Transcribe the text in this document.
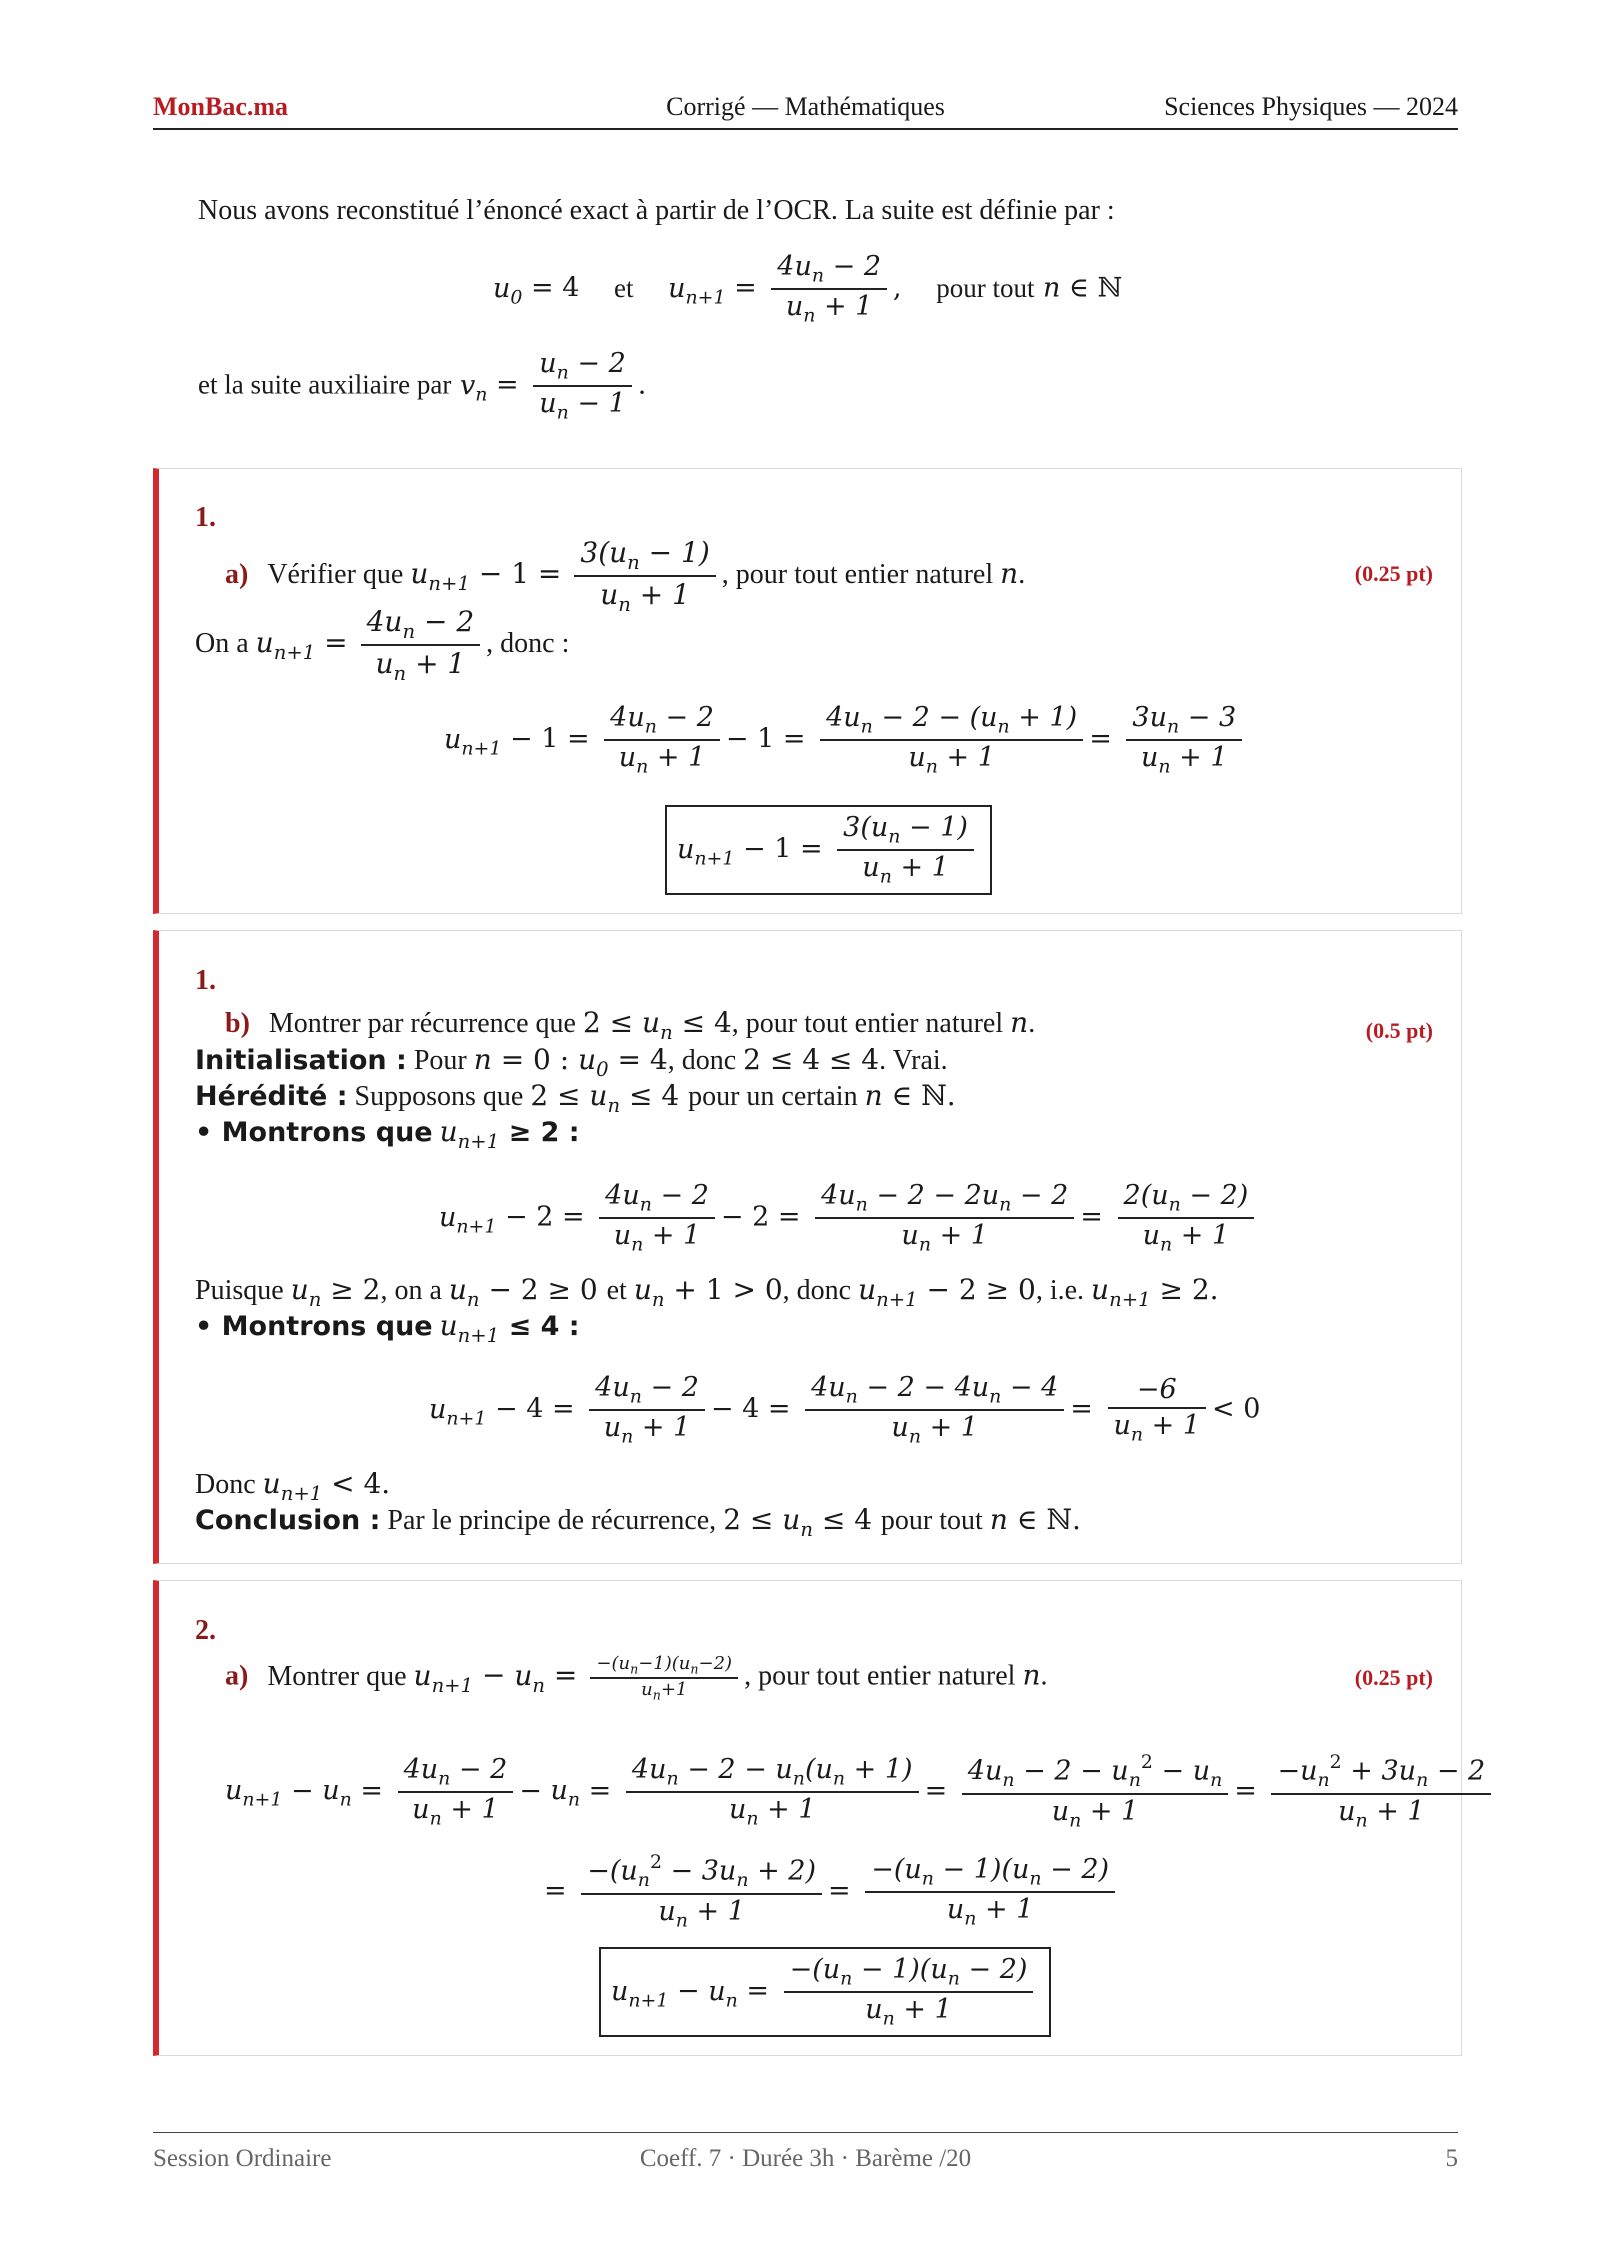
MonBac.ma	Corrigé — Mathématiques	Sciences Physiques — 2024
Nous avons reconstitué l’énoncé exact à partir de l’OCR. La suite est définie par :
$u_0 = 4$ et $u_{n+1} = \frac{4u_n - 2}{u_n + 1}$ , pour tout n ∈ ℕ
et la suite auxiliaire par $v_n = \frac{u_n - 2}{u_n - 1}$ .
1.
a) Vérifier que $u_{n+1} - 1 = \frac{3(u_n - 1)}{u_n + 1}$ , pour tout entier naturel n.	(0.25 pt)
On a $u_{n+1} = \frac{4u_n - 2}{u_n + 1}$ , donc :
$u_{n+1} - 1 = \frac{4u_n - 2}{u_n + 1} - 1 = \frac{4u_n - 2 - (u_n + 1)}{u_n + 1} = \frac{3u_n - 3}{u_n + 1}$
$u_{n+1} - 1 = \frac{3(u_n - 1)}{u_n + 1}$
1.
b) Montrer par récurrence que $2 \le u_n \le 4$, pour tout entier naturel n.	(0.5 pt)
Initialisation : Pour n = 0 : $u_0 = 4$, donc 2 ≤ 4 ≤ 4. Vrai.
Hérédité : Supposons que $2 \le u_n \le 4$ pour un certain n ∈ ℕ.
• Montrons que $u_{n+1} \ge 2$ :
$u_{n+1} - 2 = \frac{4u_n - 2}{u_n + 1} - 2 = \frac{4u_n - 2 - 2u_n - 2}{u_n + 1} = \frac{2(u_n - 2)}{u_n + 1}$
Puisque $u_n \ge 2$, on a $u_n - 2 \ge 0$ et $u_n + 1 > 0$, donc $u_{n+1} - 2 \ge 0$, i.e. $u_{n+1} \ge 2$.
• Montrons que $u_{n+1} \le 4$ :
$u_{n+1} - 4 = \frac{4u_n - 2}{u_n + 1} - 4 = \frac{4u_n - 2 - 4u_n - 4}{u_n + 1} = \frac{-6}{u_n + 1} < 0$
Donc $u_{n+1} < 4$.
Conclusion : Par le principe de récurrence, $2 \le u_n \le 4$ pour tout n ∈ ℕ.
2.
a) Montrer que $u_{n+1} - u_n = \frac{-(u_n-1)(u_n-2)}{u_n+1}$ , pour tout entier naturel n.	(0.25 pt)
$u_{n+1} - u_n = \frac{4u_n - 2}{u_n + 1} - u_n = \frac{4u_n - 2 - u_n(u_n + 1)}{u_n + 1} = \frac{4u_n - 2 - u_n^2 - u_n}{u_n + 1} = \frac{-u_n^2 + 3u_n - 2}{u_n + 1}$
= $\frac{-(u_n^2 - 3u_n + 2)}{u_n + 1} = \frac{-(u_n - 1)(u_n - 2)}{u_n + 1}$
$u_{n+1} - u_n = \frac{-(u_n - 1)(u_n - 2)}{u_n + 1}$
Session Ordinaire	Coeff. 7 · Durée 3h · Barème /20	5
